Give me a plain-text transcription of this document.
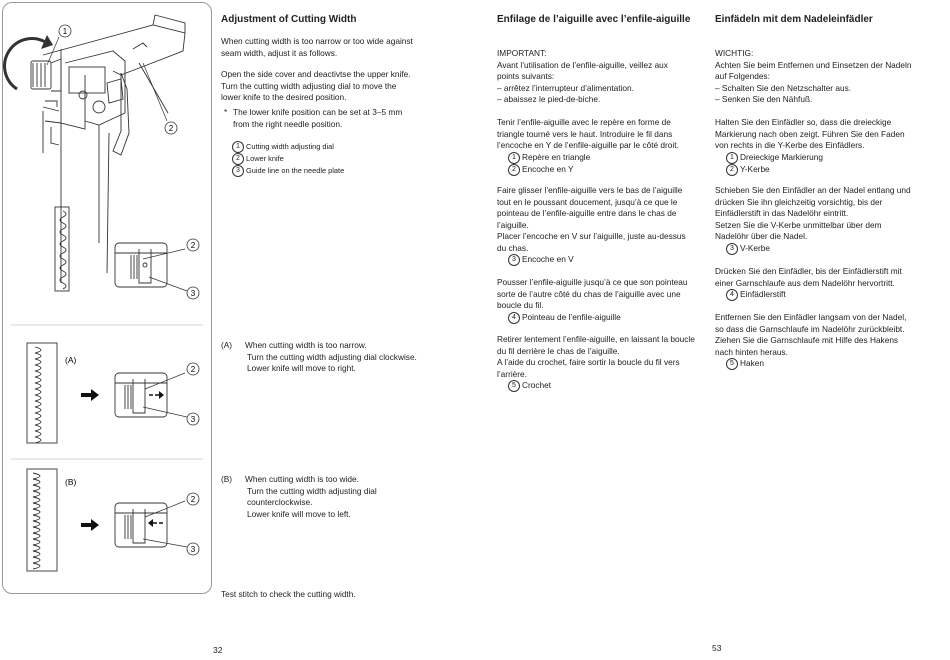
1
2
2
3
(A)
2
3
(B)
2
3
Adjustment of Cutting Width
When cutting width is too narrow or too wide against
seam width, adjust it as follows.
Open the side cover and deactivtse the upper knife.
Turn the cutting width adjusting dial to move the
lower knife to the desired position.
* The lower knife position can be set at 3–5 mm
from the right needle position.
1 Cutting width adjusting dial
2 Lower knife
3 Guide line on the needle plate
(A)	When cutting width is too narrow.
Turn the cutting width adjusting dial clockwise.
Lower knife will move to right.
(B)	When cutting width is too wide.
Turn the cutting width adjusting dial
counterclockwise.
Lower knife will move to left.
Test stitch to check the cutting width.
32
Enfilage de l’aiguille avec l’enfile-aiguille
IMPORTANT:
Avant l’utilisation de l’enfile-aiguille, veillez aux
points suivants:
– arrêtez l’interrupteur d’alimentation.
– abaissez le pied-de-biche.
Tenir l’enfile-aiguille avec le repère en forme de
triangle tourné vers le haut. Introduire le fil dans
l’encoche en Y de l’enfile-aiguille par le côté droit.
1 Repère en triangle
2 Encoche en Y
Faire glisser l’enfile-aiguille vers le bas de l’aiguille
tout en le poussant doucement, jusqu’à ce que le
pointeau de l’enfile-aiguille entre dans le chas de
l’aiguille.
Placer l’encoche en V sur l’aiguille, juste au-dessus
du chas.
3 Encoche en V
Pousser l’enfile-aiguille jusqu’à ce que son pointeau
sorte de l’autre côté du chas de l’aiguille avec une
boucle du fil.
4 Pointeau de l’enfile-aiguille
Retirer lentement l’enfile-aiguille, en laissant la boucle
du fil derrière le chas de l’aiguille.
A l’aide du crochet, faire sortir la boucle du fil vers
l’arrière.
5 Crochet
Einfädeln mit dem Nadeleinfädler
WICHTIG:
Achten Sie beim Entfernen und Einsetzen der Nadeln
auf Folgendes:
– Schalten Sie den Netzschalter aus.
– Senken Sie den Nähfuß.
Halten Sie den Einfädler so, dass die dreieckige
Markierung nach oben zeigt. Führen Sie den Faden
von rechts in die Y-Kerbe des Einfädlers.
1 Dreieckige Markierung
2 Y-Kerbe
Schieben Sie den Einfädler an der Nadel entlang und
drücken Sie ihn gleichzeitig vorsichtig, bis der
Einfädlerstift in das Nadelöhr eintritt.
Setzen Sie die V-Kerbe unmittelbar über dem
Nadelöhr über die Nadel.
3 V-Kerbe
Drücken Sie den Einfädler, bis der Einfädlerstift mit
einer Garnschlaufe aus dem Nadelöhr hervortritt.
4 Einfädlerstift
Entfernen Sie den Einfädler langsam von der Nadel,
so dass die Garnschlaufe im Nadelöhr zurückbleibt.
Ziehen Sie die Garnschlaufe mit Hilfe des Hakens
nach hinten heraus.
5 Haken
53
